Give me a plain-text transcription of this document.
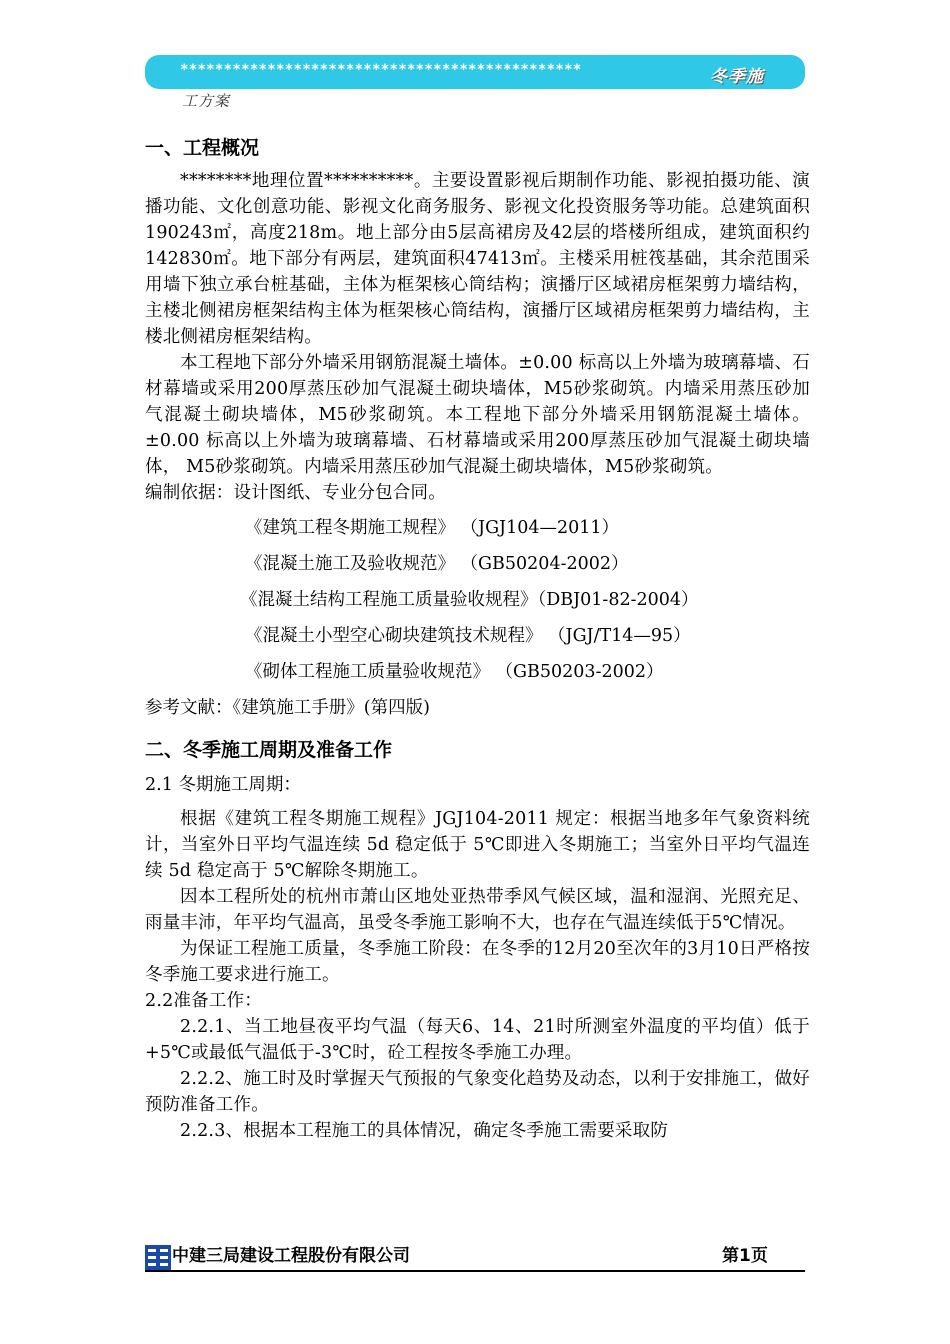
**********************************************	冬季施
工方案
一、工程概况

********地理位置**********。主要设置影视后期制作功能、影视拍摄功能、演播功能、文化创意功能、影视文化商务服务、影视文化投资服务等功能。总建筑面积190243㎡，高度218m。地上部分由5层高裙房及42层的塔楼所组成，建筑面积约142830㎡。地下部分有两层，建筑面积47413㎡。主楼采用桩筏基础，其余范围采用墙下独立承台桩基础，主体为框架核心筒结构；演播厅区域裙房框架剪力墙结构，主楼北侧裙房框架结构主体为框架核心筒结构，演播厅区域裙房框架剪力墙结构，主楼北侧裙房框架结构。

本工程地下部分外墙采用钢筋混凝土墙体。±0.00 标高以上外墙为玻璃幕墙、石材幕墙或采用200厚蒸压砂加气混凝土砌块墙体，M5砂浆砌筑。内墙采用蒸压砂加气混凝土砌块墙体，M5砂浆砌筑。本工程地下部分外墙采用钢筋混凝土墙体。±0.00 标高以上外墙为玻璃幕墙、石材幕墙或采用200厚蒸压砂加气混凝土砌块墙体， M5砂浆砌筑。内墙采用蒸压砂加气混凝土砌块墙体，M5砂浆砌筑。

编制依据：设计图纸、专业分包合同。

《建筑工程冬期施工规程》 （JGJ104—2011）
《混凝土施工及验收规范》 （GB50204-2002）
《混凝土结构工程施工质量验收规程》（DBJ01-82-2004）
《混凝土小型空心砌块建筑技术规程》 （JGJ/T14—95）
《砌体工程施工质量验收规范》 （GB50203-2002）
参考文献：《建筑施工手册》(第四版)
二、冬季施工周期及准备工作
2.1 冬期施工周期：

根据《建筑工程冬期施工规程》JGJ104-2011 规定：根据当地多年气象资料统计，当室外日平均气温连续 5d 稳定低于 5℃即进入冬期施工；当室外日平均气温连续 5d 稳定高于 5℃解除冬期施工。

因本工程所处的杭州市萧山区地处亚热带季风气候区域，温和湿润、光照充足、雨量丰沛，年平均气温高，虽受冬季施工影响不大，也存在气温连续低于5℃情况。

为保证工程施工质量，冬季施工阶段：在冬季的12月20至次年的3月10日严格按冬季施工要求进行施工。

2.2准备工作：

2.2.1、当工地昼夜平均气温（每天6、14、21时所测室外温度的平均值）低于+5℃或最低气温低于-3℃时，砼工程按冬季施工办理。

2.2.2、施工时及时掌握天气预报的气象变化趋势及动态，以利于安排施工，做好预防准备工作。

2.2.3、根据本工程施工的具体情况，确定冬季施工需要采取防

中建三局建设工程股份有限公司	第1页
